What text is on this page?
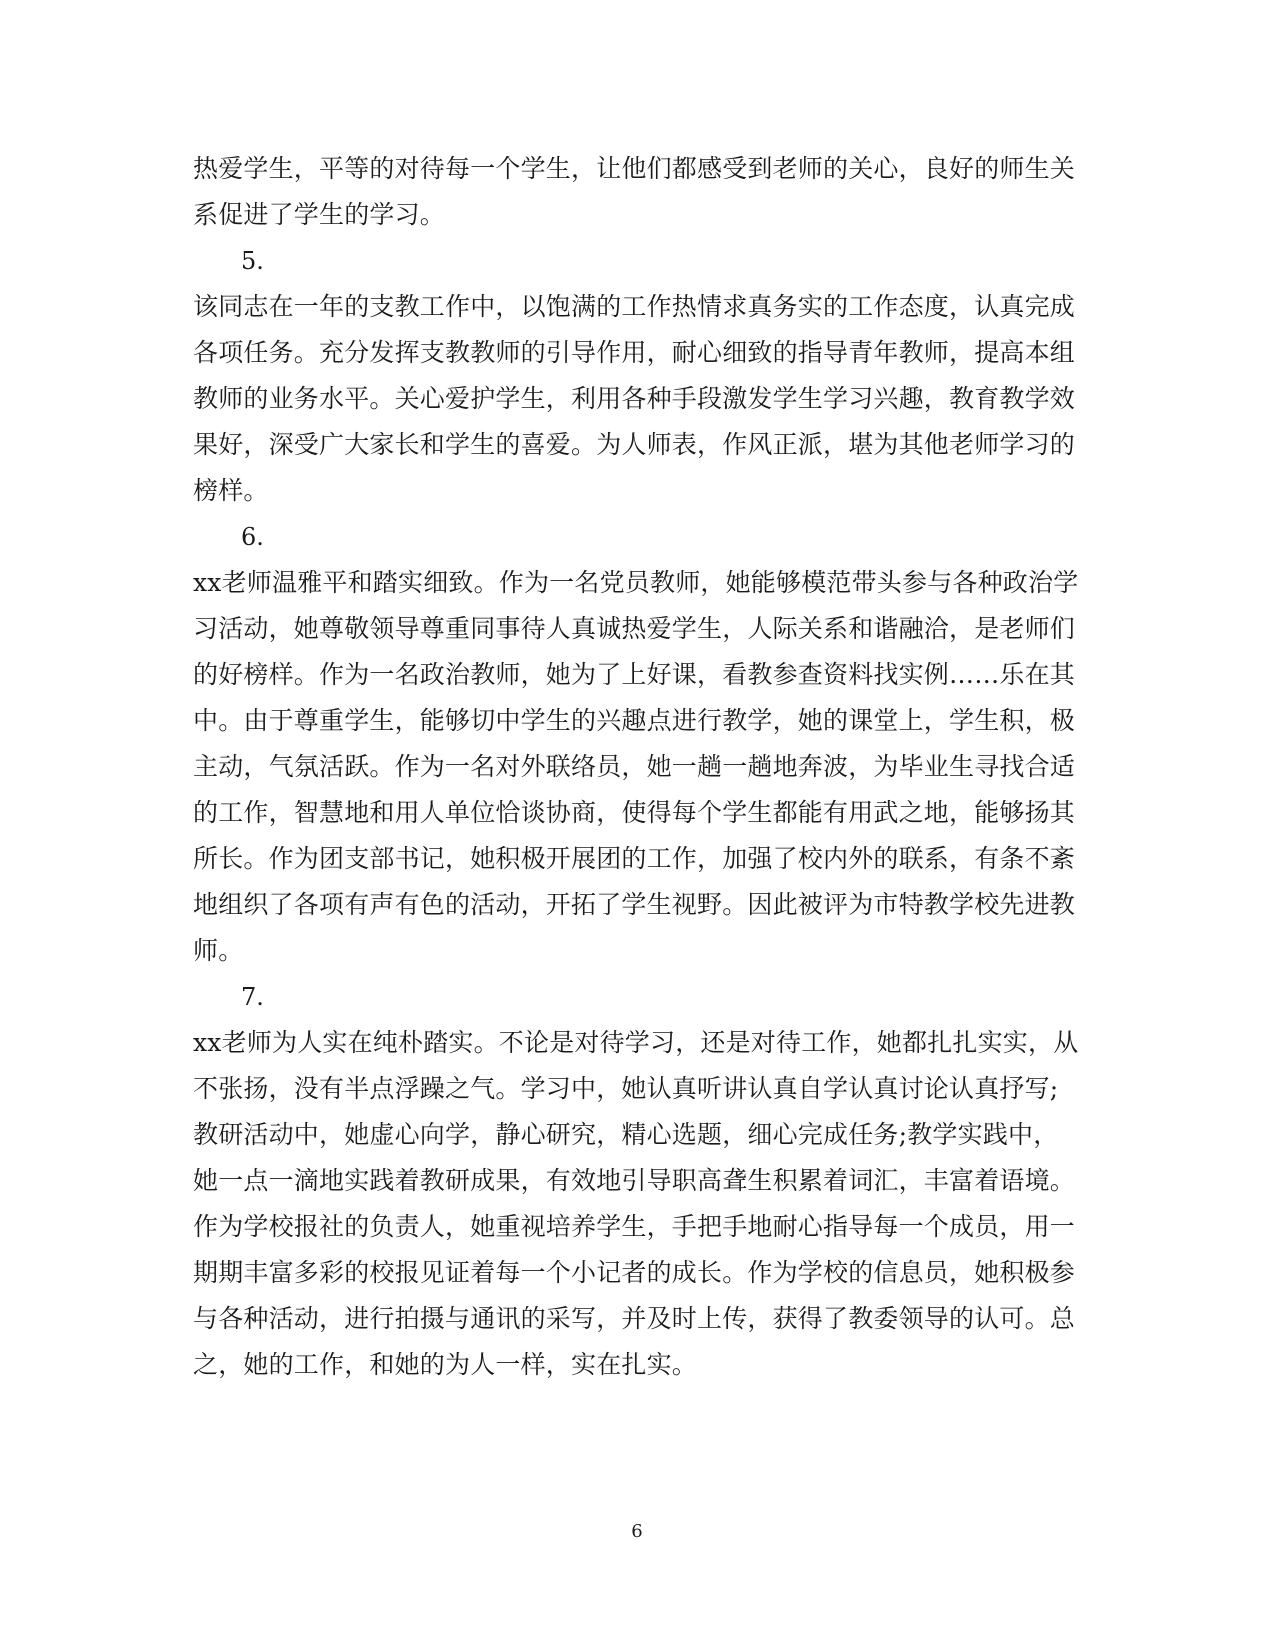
热爱学生，平等的对待每一个学生，让他们都感受到老师的关心，良好的师生关
系促进了学生的学习。
5.
该同志在一年的支教工作中，以饱满的工作热情求真务实的工作态度，认真完成
各项任务。充分发挥支教教师的引导作用，耐心细致的指导青年教师，提高本组
教师的业务水平。关心爱护学生，利用各种手段激发学生学习兴趣，教育教学效
果好，深受广大家长和学生的喜爱。为人师表，作风正派，堪为其他老师学习的
榜样。
6.
xx老师温雅平和踏实细致。作为一名党员教师，她能够模范带头参与各种政治学
习活动，她尊敬领导尊重同事待人真诚热爱学生，人际关系和谐融洽，是老师们
的好榜样。作为一名政治教师，她为了上好课，看教参查资料找实例……乐在其
中。由于尊重学生，能够切中学生的兴趣点进行教学，她的课堂上，学生积，极
主动，气氛活跃。作为一名对外联络员，她一趟一趟地奔波，为毕业生寻找合适
的工作，智慧地和用人单位恰谈协商，使得每个学生都能有用武之地，能够扬其
所长。作为团支部书记，她积极开展团的工作，加强了校内外的联系，有条不紊
地组织了各项有声有色的活动，开拓了学生视野。因此被评为市特教学校先进教
师。
7.
xx老师为人实在纯朴踏实。不论是对待学习，还是对待工作，她都扎扎实实，从
不张扬，没有半点浮躁之气。学习中，她认真听讲认真自学认真讨论认真抒写;
教研活动中，她虚心向学，静心研究，精心选题，细心完成任务;教学实践中，
她一点一滴地实践着教研成果，有效地引导职高聋生积累着词汇，丰富着语境。
作为学校报社的负责人，她重视培养学生，手把手地耐心指导每一个成员，用一
期期丰富多彩的校报见证着每一个小记者的成长。作为学校的信息员，她积极参
与各种活动，进行拍摄与通讯的采写，并及时上传，获得了教委领导的认可。总
之，她的工作，和她的为人一样，实在扎实。
6
